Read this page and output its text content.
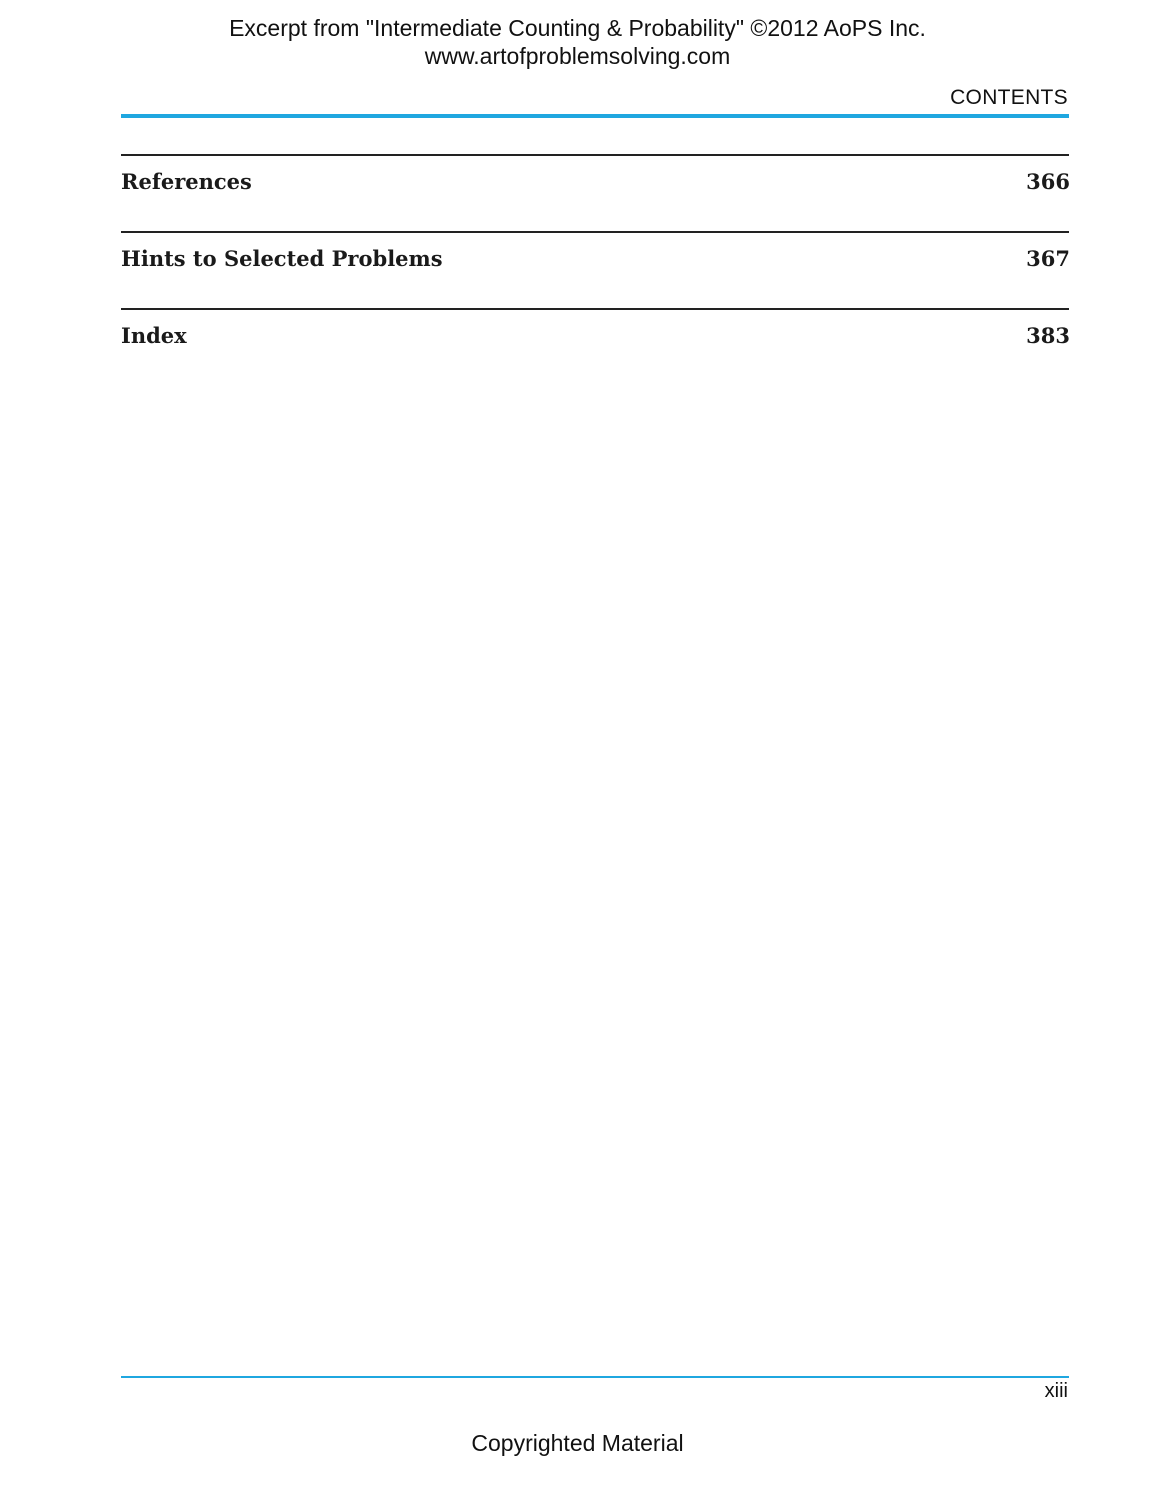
Excerpt from "Intermediate Counting & Probability" ©2012 AoPS Inc.
www.artofproblemsolving.com
CONTENTS
References	366
Hints to Selected Problems	367
Index	383
xiii
Copyrighted Material
